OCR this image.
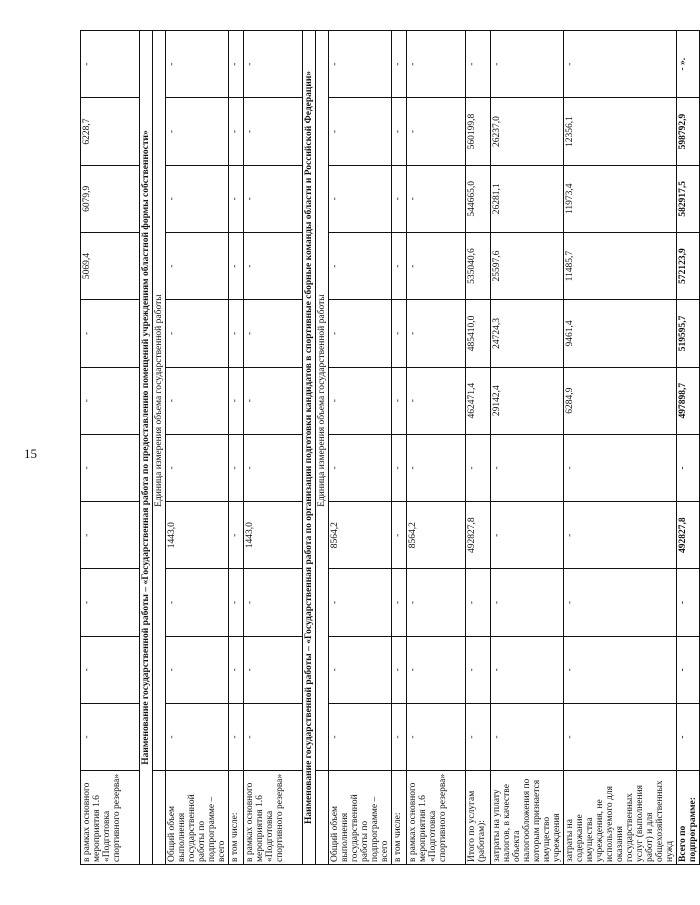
15
в рамках основного мероприятия 1.6 «Подготовка спортивного резерва»	-	-	-	-	-	-	-	5069,4	6079,9	6228,7	-
Наименование государственной работы – «Государственная работа по предоставлению помещений учреждениям областной формы собственности»											
	Единица измерения объема государственной работы										
Общий объем выполнения государственной работы по подпрограмме – всего	-	-	-	1443,0	-	-	-	-	-	-	-
в том числе:	-	-	-	-	-	-	-	-	-	-	-
в рамках основного мероприятия 1.6 «Подготовка спортивного резерва»	-	-	-	1443,0	-	-	-	-	-	-	-
Наименование государственной работы – «Государственная работа по организации подготовки кандидатов в спортивные сборные команды области и Российской Федерации»											
	Единица измерения объема государственной работы										
Общий объем выполнения государственной работы по подпрограмме – всего	-	-	-	8564,2	-	-	-	-	-	-	-
в том числе:	-	-	-	-	-	-	-	-	-	-	-
в рамках основного мероприятия 1.6 «Подготовка спортивного резерва»	-	-	-	8564,2	-	-	-	-	-	-	-
Итого по услугам (работам):	-	-	-	492827,8	-	462471,4	485410,0	535040,6	544665,0	560199,8	-
затраты на уплату налогов, в качестве объекта налогообложения по которым признается имущество учреждения	-	-	-	-	-	29142,4	24724,3	25597,6	26281,1	26237,0	-
затраты на содержание имущества учреждения, не используемого для оказания государственных услуг (выполнения работ) и для общехозяйственных нужд	-	-	-	-	-	6284,9	9461,4	11485,7	11973,4	12356,1	-
Всего по подпрограмме:	-	-	-	492827,8	-	497898,7	519595,7	572123,9	582917,5	598792,9	- ».
